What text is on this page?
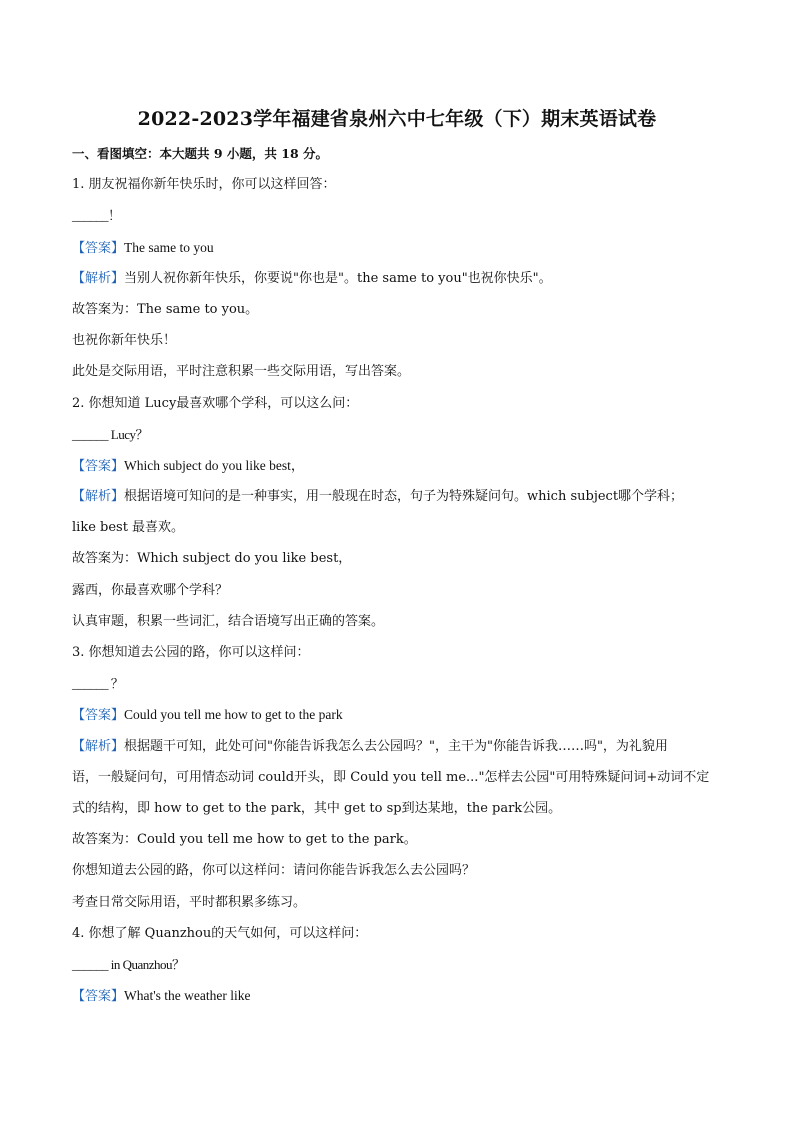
2022-2023学年福建省泉州六中七年级（下）期末英语试卷
一、看图填空：本大题共 9 小题，共 18 分。
1. 朋友祝福你新年快乐时，你可以这样回答：
______！
【答案】The same to you
【解析】当别人祝你新年快乐，你要说"你也是"。the same to you"也祝你快乐"。
故答案为：The same to you。
也祝你新年快乐！
此处是交际用语，平时注意积累一些交际用语，写出答案。
2. 你想知道 Lucy最喜欢哪个学科，可以这么问：
______ Lucy？
【答案】Which subject do you like best，
【解析】根据语境可知问的是一种事实，用一般现在时态，句子为特殊疑问句。which subject哪个学科；
like best 最喜欢。
故答案为：Which subject do you like best，
露西，你最喜欢哪个学科？
认真审题，积累一些词汇，结合语境写出正确的答案。
3. 你想知道去公园的路，你可以这样问：
______ ？
【答案】Could you tell me how to get to the park
【解析】根据题干可知，此处可问"你能告诉我怎么去公园吗？"，主干为"你能告诉我……吗"，为礼貌用
语，一般疑问句，可用情态动词 could开头，即 Could you tell me..."怎样去公园"可用特殊疑问词+动词不定
式的结构，即 how to get to the park，其中 get to sp到达某地，the park公园。
故答案为：Could you tell me how to get to the park。
你想知道去公园的路，你可以这样问：请问你能告诉我怎么去公园吗？
考查日常交际用语，平时都积累多练习。
4. 你想了解 Quanzhou的天气如何，可以这样问：
______ in Quanzhou？
【答案】What's the weather like
